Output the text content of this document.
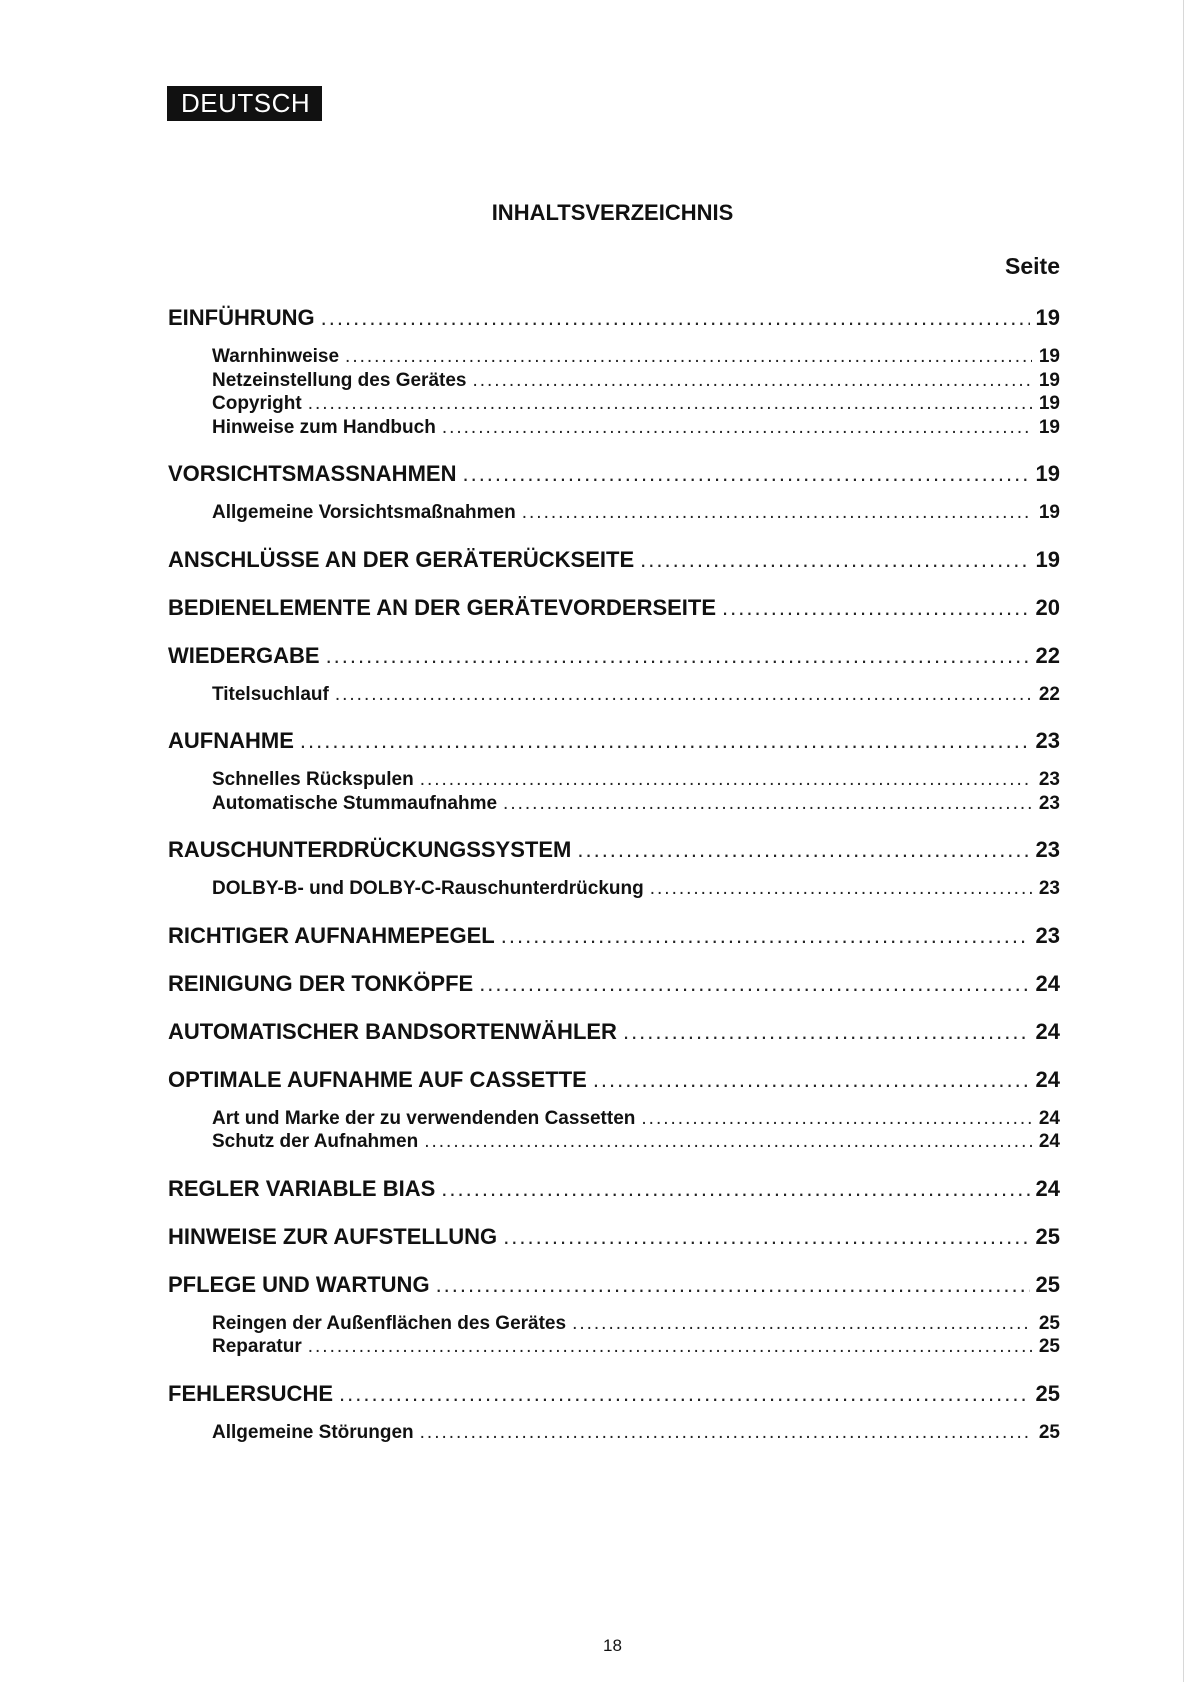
DEUTSCH
INHALTSVERZEICHNIS
Seite
EINFÜHRUNG .....	19
Warnhinweise .....	19
Netzeinstellung des Gerätes .....	19
Copyright .....	19
Hinweise zum Handbuch .....	19
VORSICHTSMASSNAHMEN .....	19
Allgemeine Vorsichtsmaßnahmen .....	19
ANSCHLÜSSE AN DER GERÄTERÜCKSEITE .....	19
BEDIENELEMENTE AN DER GERÄTEVORDERSEITE .....	20
WIEDERGABE .....	22
Titelsuchlauf .....	22
AUFNAHME .....	23
Schnelles Rückspulen .....	23
Automatische Stummaufnahme .....	23
RAUSCHUNTERDRÜCKUNGSSYSTEM .....	23
DOLBY-B- und DOLBY-C-Rauschunterdrückung .....	23
RICHTIGER AUFNAHMEPEGEL .....	23
REINIGUNG DER TONKÖPFE .....	24
AUTOMATISCHER BANDSORTENWÄHLER .....	24
OPTIMALE AUFNAHME AUF CASSETTE .....	24
Art und Marke der zu verwendenden Cassetten .....	24
Schutz der Aufnahmen .....	24
REGLER VARIABLE BIAS .....	24
HINWEISE ZUR AUFSTELLUNG .....	25
PFLEGE UND WARTUNG .....	25
Reingen der Außenflächen des Gerätes .....	25
Reparatur .....	25
FEHLERSUCHE .....	25
Allgemeine Störungen .....	25
18
